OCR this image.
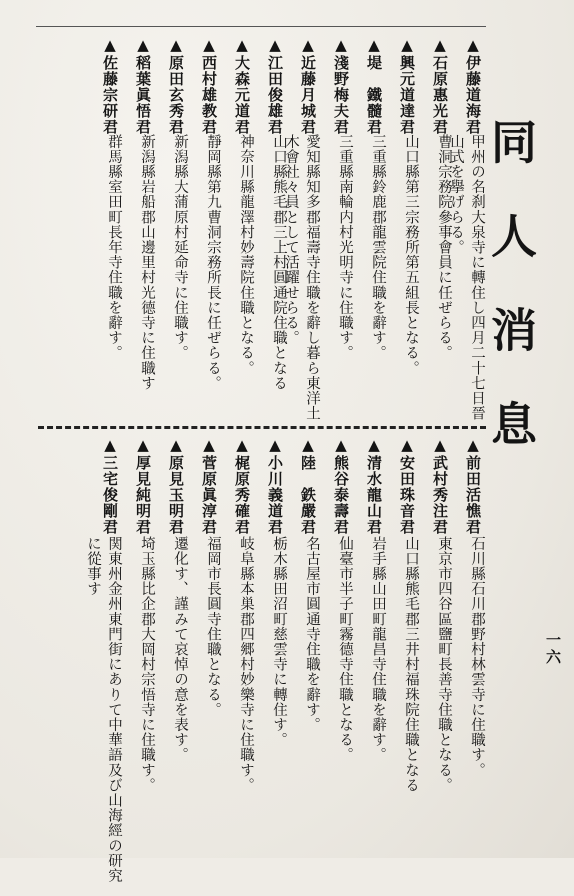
同人消息
一六
▲伊藤道海君
甲州の名刹大泉寺に轉住し四月二十七日晉山式を擧げらる。
▲石原惠光君
曹洞宗務院參事會員に任ぜらる。
▲興元道達君
山口縣第三宗務所第五組長となる。
▲堤　鐵髓君
三重縣鈴鹿郡龍雲院住職を辭す。
▲淺野梅夫君
三重縣南輪内村光明寺に住職す。
▲近藤月城君
愛知縣知多郡福壽寺住職を辭し暮ら東洋土木會社々員として活躍せらる。
▲江田俊雄君
山口縣熊毛郡三上村圓通院住職となる
▲大森元道君
神奈川縣龍澤村妙壽院住職となる。
▲西村雄教君
靜岡縣第九曹洞宗務所長に任ぜらる。
▲原田玄秀君
新潟縣大蒲原村延命寺に住職す。
▲稻葉眞悟君
新潟縣岩船郡山邊里村光德寺に住職す
▲佐藤宗研君
群馬縣室田町長年寺住職を辭す。
▲前田活憔君
石川縣石川郡野村林雲寺に住職す。
▲武村秀注君
東京市四谷區鹽町長善寺住職となる。
▲安田珠音君
山口縣熊毛郡三井村福珠院住職となる
▲清水龍山君
岩手縣山田町龍昌寺住職を辭す。
▲熊谷泰壽君
仙臺市半子町霧德寺住職となる。
▲陸　鉄嚴君
名古屋市圓通寺住職を辭す。
▲小川義道君
栃木縣田沼町慈雲寺に轉住す。
▲梶原秀確君
岐阜縣本巣郡四郷村妙樂寺に住職す。
▲菅原眞淳君
福岡市長圓寺住職となる。
▲原見玉明君
遷化す、謹みて哀悼の意を表す。
▲厚見純明君
埼玉縣比企郡大岡村宗悟寺に住職す。
▲三宅俊剛君
関東州金州東門街にありて中華語及び山海經の研究に從事す
